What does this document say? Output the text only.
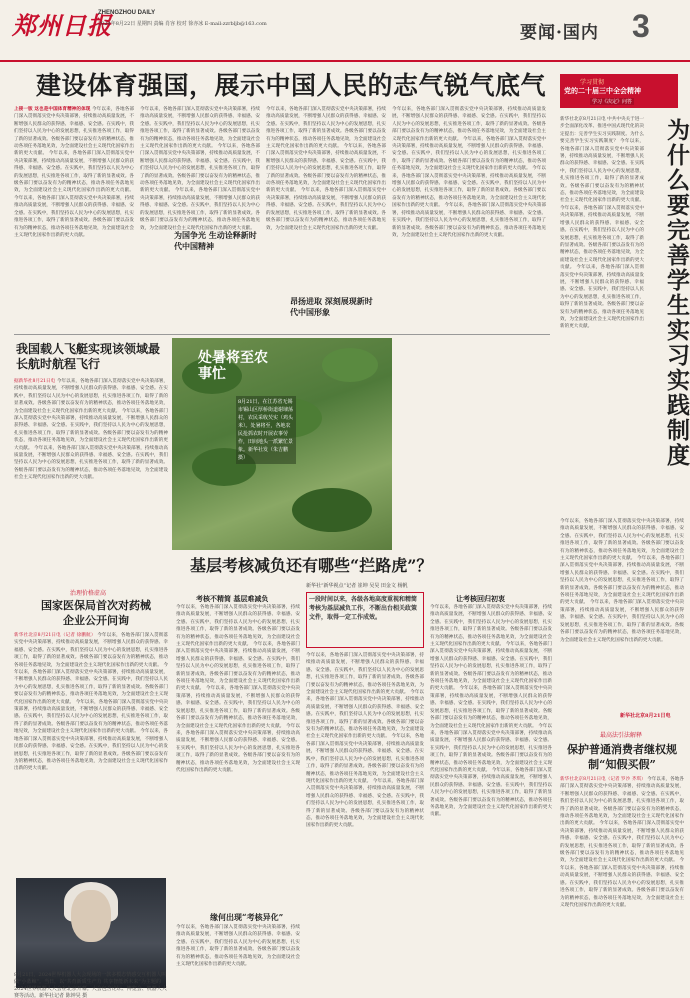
郑州日报
ZHENGZHOU DAILY
2024年8月22日 星期四 责编 肖容 校对 徐亦冰 E-mail:zzrbljb@163.com	要闻·国内 3
建设体育强国，展示中国人民的志气锐气底气	学习贯彻
党的二十届三中全会精神
学习《决定》问答
为什么要完善学生实习实践制度
新华社北京8月21日电 中共中央关于进一步全面深化改革、推进中国式现代化的决定提出：完善学生实习实践制度。为什么要完善学生实习实践制度？ 今年以来，各地各部门深入贯彻落实党中央决策部署，持续推动高质量发展，不断增强人民群众的获得感、幸福感、安全感。在实践中，我们坚持以人民为中心的发展思想，扎实推进各项工作，取得了新的显著成效。各级各部门要以奋发有为的精神状态，推动各项任务落地见效，为全面建设社会主义现代化国家作出新的更大贡献。 今年以来，各地各部门深入贯彻落实党中央决策部署，持续推动高质量发展，不断增强人民群众的获得感、幸福感、安全感。在实践中，我们坚持以人民为中心的发展思想，扎实推进各项工作，取得了新的显著成效。各级各部门要以奋发有为的精神状态，推动各项任务落地见效，为全面建设社会主义现代化国家作出新的更大贡献。 今年以来，各地各部门深入贯彻落实党中央决策部署，持续推动高质量发展，不断增强人民群众的获得感、幸福感、安全感。在实践中，我们坚持以人民为中心的发展思想，扎实推进各项工作，取得了新的显著成效。各级各部门要以奋发有为的精神状态，推动各项任务落地见效，为全面建设社会主义现代化国家作出新的更大贡献。
今年以来，各地各部门深入贯彻落实党中央决策部署，持续推动高质量发展，不断增强人民群众的获得感、幸福感、安全感。在实践中，我们坚持以人民为中心的发展思想，扎实推进各项工作，取得了新的显著成效。各级各部门要以奋发有为的精神状态，推动各项任务落地见效，为全面建设社会主义现代化国家作出新的更大贡献。 今年以来，各地各部门深入贯彻落实党中央决策部署，持续推动高质量发展，不断增强人民群众的获得感、幸福感、安全感。在实践中，我们坚持以人民为中心的发展思想，扎实推进各项工作，取得了新的显著成效。各级各部门要以奋发有为的精神状态，推动各项任务落地见效，为全面建设社会主义现代化国家作出新的更大贡献。 今年以来，各地各部门深入贯彻落实党中央决策部署，持续推动高质量发展，不断增强人民群众的获得感、幸福感、安全感。在实践中，我们坚持以人民为中心的发展思想，扎实推进各项工作，取得了新的显著成效。各级各部门要以奋发有为的精神状态，推动各项任务落地见效，为全面建设社会主义现代化国家作出新的更大贡献。
新华社北京8月21日电
上接一版 这也是中国体育精神的体现 今年以来，各地各部门深入贯彻落实党中央决策部署，持续推动高质量发展，不断增强人民群众的获得感、幸福感、安全感。在实践中，我们坚持以人民为中心的发展思想，扎实推进各项工作，取得了新的显著成效。各级各部门要以奋发有为的精神状态，推动各项任务落地见效，为全面建设社会主义现代化国家作出新的更大贡献。 今年以来，各地各部门深入贯彻落实党中央决策部署，持续推动高质量发展，不断增强人民群众的获得感、幸福感、安全感。在实践中，我们坚持以人民为中心的发展思想，扎实推进各项工作，取得了新的显著成效。各级各部门要以奋发有为的精神状态，推动各项任务落地见效，为全面建设社会主义现代化国家作出新的更大贡献。 今年以来，各地各部门深入贯彻落实党中央决策部署，持续推动高质量发展，不断增强人民群众的获得感、幸福感、安全感。在实践中，我们坚持以人民为中心的发展思想，扎实推进各项工作，取得了新的显著成效。各级各部门要以奋发有为的精神状态，推动各项任务落地见效，为全面建设社会主义现代化国家作出新的更大贡献。
今年以来，各地各部门深入贯彻落实党中央决策部署，持续推动高质量发展，不断增强人民群众的获得感、幸福感、安全感。在实践中，我们坚持以人民为中心的发展思想，扎实推进各项工作，取得了新的显著成效。各级各部门要以奋发有为的精神状态，推动各项任务落地见效，为全面建设社会主义现代化国家作出新的更大贡献。 今年以来，各地各部门深入贯彻落实党中央决策部署，持续推动高质量发展，不断增强人民群众的获得感、幸福感、安全感。在实践中，我们坚持以人民为中心的发展思想，扎实推进各项工作，取得了新的显著成效。各级各部门要以奋发有为的精神状态，推动各项任务落地见效，为全面建设社会主义现代化国家作出新的更大贡献。 今年以来，各地各部门深入贯彻落实党中央决策部署，持续推动高质量发展，不断增强人民群众的获得感、幸福感、安全感。在实践中，我们坚持以人民为中心的发展思想，扎实推进各项工作，取得了新的显著成效。各级各部门要以奋发有为的精神状态，推动各项任务落地见效，为全面建设社会主义现代化国家作出新的更大贡献。
为国争光 生动诠释新时代中国精神
今年以来，各地各部门深入贯彻落实党中央决策部署，持续推动高质量发展，不断增强人民群众的获得感、幸福感、安全感。在实践中，我们坚持以人民为中心的发展思想，扎实推进各项工作，取得了新的显著成效。各级各部门要以奋发有为的精神状态，推动各项任务落地见效，为全面建设社会主义现代化国家作出新的更大贡献。 今年以来，各地各部门深入贯彻落实党中央决策部署，持续推动高质量发展，不断增强人民群众的获得感、幸福感、安全感。在实践中，我们坚持以人民为中心的发展思想，扎实推进各项工作，取得了新的显著成效。各级各部门要以奋发有为的精神状态，推动各项任务落地见效，为全面建设社会主义现代化国家作出新的更大贡献。 今年以来，各地各部门深入贯彻落实党中央决策部署，持续推动高质量发展，不断增强人民群众的获得感、幸福感、安全感。在实践中，我们坚持以人民为中心的发展思想，扎实推进各项工作，取得了新的显著成效。各级各部门要以奋发有为的精神状态，推动各项任务落地见效，为全面建设社会主义现代化国家作出新的更大贡献。
昂扬进取 深刻展现新时代中国形象
今年以来，各地各部门深入贯彻落实党中央决策部署，持续推动高质量发展，不断增强人民群众的获得感、幸福感、安全感。在实践中，我们坚持以人民为中心的发展思想，扎实推进各项工作，取得了新的显著成效。各级各部门要以奋发有为的精神状态，推动各项任务落地见效，为全面建设社会主义现代化国家作出新的更大贡献。 今年以来，各地各部门深入贯彻落实党中央决策部署，持续推动高质量发展，不断增强人民群众的获得感、幸福感、安全感。在实践中，我们坚持以人民为中心的发展思想，扎实推进各项工作，取得了新的显著成效。各级各部门要以奋发有为的精神状态，推动各项任务落地见效，为全面建设社会主义现代化国家作出新的更大贡献。 今年以来，各地各部门深入贯彻落实党中央决策部署，持续推动高质量发展，不断增强人民群众的获得感、幸福感、安全感。在实践中，我们坚持以人民为中心的发展思想，扎实推进各项工作，取得了新的显著成效。各级各部门要以奋发有为的精神状态，推动各项任务落地见效，为全面建设社会主义现代化国家作出新的更大贡献。 今年以来，各地各部门深入贯彻落实党中央决策部署，持续推动高质量发展，不断增强人民群众的获得感、幸福感、安全感。在实践中，我们坚持以人民为中心的发展思想，扎实推进各项工作，取得了新的显著成效。各级各部门要以奋发有为的精神状态，推动各项任务落地见效，为全面建设社会主义现代化国家作出新的更大贡献。
我国载人飞艇实现该领域最长航时航程飞行
据新华社8月21日电 今年以来，各地各部门深入贯彻落实党中央决策部署，持续推动高质量发展，不断增强人民群众的获得感、幸福感、安全感。在实践中，我们坚持以人民为中心的发展思想，扎实推进各项工作，取得了新的显著成效。各级各部门要以奋发有为的精神状态，推动各项任务落地见效，为全面建设社会主义现代化国家作出新的更大贡献。 今年以来，各地各部门深入贯彻落实党中央决策部署，持续推动高质量发展，不断增强人民群众的获得感、幸福感、安全感。在实践中，我们坚持以人民为中心的发展思想，扎实推进各项工作，取得了新的显著成效。各级各部门要以奋发有为的精神状态，推动各项任务落地见效，为全面建设社会主义现代化国家作出新的更大贡献。 今年以来，各地各部门深入贯彻落实党中央决策部署，持续推动高质量发展，不断增强人民群众的获得感、幸福感、安全感。在实践中，我们坚持以人民为中心的发展思想，扎实推进各项工作，取得了新的显著成效。各级各部门要以奋发有为的精神状态，推动各项任务落地见效，为全面建设社会主义现代化国家作出新的更大贡献。
处暑将至农事忙
8月21日，在江苏省无锡市锡山区厚桥街道谢埭荡村，农民采收芡实（鸡头米）。处暑将至，各地农民抢抓农时开展农事劳作，田间地头一派繁忙景象。新华社发（朱吉鹏 摄）
治理价格虚高
国家医保局首次对药械企业公开问询
新华社北京8月21日电（记者 徐鹏航） 今年以来，各地各部门深入贯彻落实党中央决策部署，持续推动高质量发展，不断增强人民群众的获得感、幸福感、安全感。在实践中，我们坚持以人民为中心的发展思想，扎实推进各项工作，取得了新的显著成效。各级各部门要以奋发有为的精神状态，推动各项任务落地见效，为全面建设社会主义现代化国家作出新的更大贡献。 今年以来，各地各部门深入贯彻落实党中央决策部署，持续推动高质量发展，不断增强人民群众的获得感、幸福感、安全感。在实践中，我们坚持以人民为中心的发展思想，扎实推进各项工作，取得了新的显著成效。各级各部门要以奋发有为的精神状态，推动各项任务落地见效，为全面建设社会主义现代化国家作出新的更大贡献。 今年以来，各地各部门深入贯彻落实党中央决策部署，持续推动高质量发展，不断增强人民群众的获得感、幸福感、安全感。在实践中，我们坚持以人民为中心的发展思想，扎实推进各项工作，取得了新的显著成效。各级各部门要以奋发有为的精神状态，推动各项任务落地见效，为全面建设社会主义现代化国家作出新的更大贡献。 今年以来，各地各部门深入贯彻落实党中央决策部署，持续推动高质量发展，不断增强人民群众的获得感、幸福感、安全感。在实践中，我们坚持以人民为中心的发展思想，扎实推进各项工作，取得了新的显著成效。各级各部门要以奋发有为的精神状态，推动各项任务落地见效，为全面建设社会主义现代化国家作出新的更大贡献。
8月21日，2024世界机器人大会现场的一款多模态情感交互机器人叫做“小蓝鲸”。当日，以“共育新质生产力 共享智能新未来”为主题的2024世界机器人大会在北京开幕。大会包含论坛、博览会、机器人大赛等活动。新华社记者 陈钟昊 摄
基层考核减负还有哪些“拦路虎”？
新华社“新华视点”记者 崔坤 吴昊 田金文 杨帆
考核不精简 基层难减负
今年以来，各地各部门深入贯彻落实党中央决策部署，持续推动高质量发展，不断增强人民群众的获得感、幸福感、安全感。在实践中，我们坚持以人民为中心的发展思想，扎实推进各项工作，取得了新的显著成效。各级各部门要以奋发有为的精神状态，推动各项任务落地见效，为全面建设社会主义现代化国家作出新的更大贡献。 今年以来，各地各部门深入贯彻落实党中央决策部署，持续推动高质量发展，不断增强人民群众的获得感、幸福感、安全感。在实践中，我们坚持以人民为中心的发展思想，扎实推进各项工作，取得了新的显著成效。各级各部门要以奋发有为的精神状态，推动各项任务落地见效，为全面建设社会主义现代化国家作出新的更大贡献。 今年以来，各地各部门深入贯彻落实党中央决策部署，持续推动高质量发展，不断增强人民群众的获得感、幸福感、安全感。在实践中，我们坚持以人民为中心的发展思想，扎实推进各项工作，取得了新的显著成效。各级各部门要以奋发有为的精神状态，推动各项任务落地见效，为全面建设社会主义现代化国家作出新的更大贡献。 今年以来，各地各部门深入贯彻落实党中央决策部署，持续推动高质量发展，不断增强人民群众的获得感、幸福感、安全感。在实践中，我们坚持以人民为中心的发展思想，扎实推进各项工作，取得了新的显著成效。各级各部门要以奋发有为的精神状态，推动各项任务落地见效，为全面建设社会主义现代化国家作出新的更大贡献。
缘何出现“考核异化”
今年以来，各地各部门深入贯彻落实党中央决策部署，持续推动高质量发展，不断增强人民群众的获得感、幸福感、安全感。在实践中，我们坚持以人民为中心的发展思想，扎实推进各项工作，取得了新的显著成效。各级各部门要以奋发有为的精神状态，推动各项任务落地见效，为全面建设社会主义现代化国家作出新的更大贡献。
一段时间以来，各级各地高度重视和精简考核为基层减负工作，不断出台相关政策文件，取得一定工作成效。
今年以来，各地各部门深入贯彻落实党中央决策部署，持续推动高质量发展，不断增强人民群众的获得感、幸福感、安全感。在实践中，我们坚持以人民为中心的发展思想，扎实推进各项工作，取得了新的显著成效。各级各部门要以奋发有为的精神状态，推动各项任务落地见效，为全面建设社会主义现代化国家作出新的更大贡献。 今年以来，各地各部门深入贯彻落实党中央决策部署，持续推动高质量发展，不断增强人民群众的获得感、幸福感、安全感。在实践中，我们坚持以人民为中心的发展思想，扎实推进各项工作，取得了新的显著成效。各级各部门要以奋发有为的精神状态，推动各项任务落地见效，为全面建设社会主义现代化国家作出新的更大贡献。 今年以来，各地各部门深入贯彻落实党中央决策部署，持续推动高质量发展，不断增强人民群众的获得感、幸福感、安全感。在实践中，我们坚持以人民为中心的发展思想，扎实推进各项工作，取得了新的显著成效。各级各部门要以奋发有为的精神状态，推动各项任务落地见效，为全面建设社会主义现代化国家作出新的更大贡献。 今年以来，各地各部门深入贯彻落实党中央决策部署，持续推动高质量发展，不断增强人民群众的获得感、幸福感、安全感。在实践中，我们坚持以人民为中心的发展思想，扎实推进各项工作，取得了新的显著成效。各级各部门要以奋发有为的精神状态，推动各项任务落地见效，为全面建设社会主义现代化国家作出新的更大贡献。
让考核回归初衷
今年以来，各地各部门深入贯彻落实党中央决策部署，持续推动高质量发展，不断增强人民群众的获得感、幸福感、安全感。在实践中，我们坚持以人民为中心的发展思想，扎实推进各项工作，取得了新的显著成效。各级各部门要以奋发有为的精神状态，推动各项任务落地见效，为全面建设社会主义现代化国家作出新的更大贡献。 今年以来，各地各部门深入贯彻落实党中央决策部署，持续推动高质量发展，不断增强人民群众的获得感、幸福感、安全感。在实践中，我们坚持以人民为中心的发展思想，扎实推进各项工作，取得了新的显著成效。各级各部门要以奋发有为的精神状态，推动各项任务落地见效，为全面建设社会主义现代化国家作出新的更大贡献。 今年以来，各地各部门深入贯彻落实党中央决策部署，持续推动高质量发展，不断增强人民群众的获得感、幸福感、安全感。在实践中，我们坚持以人民为中心的发展思想，扎实推进各项工作，取得了新的显著成效。各级各部门要以奋发有为的精神状态，推动各项任务落地见效，为全面建设社会主义现代化国家作出新的更大贡献。 今年以来，各地各部门深入贯彻落实党中央决策部署，持续推动高质量发展，不断增强人民群众的获得感、幸福感、安全感。在实践中，我们坚持以人民为中心的发展思想，扎实推进各项工作，取得了新的显著成效。各级各部门要以奋发有为的精神状态，推动各项任务落地见效，为全面建设社会主义现代化国家作出新的更大贡献。 今年以来，各地各部门深入贯彻落实党中央决策部署，持续推动高质量发展，不断增强人民群众的获得感、幸福感、安全感。在实践中，我们坚持以人民为中心的发展思想，扎实推进各项工作，取得了新的显著成效。各级各部门要以奋发有为的精神状态，推动各项任务落地见效，为全面建设社会主义现代化国家作出新的更大贡献。
最高法引法解释
保护普通消费者继权规制“知假买假”
新华社北京8月21日电（记者 罗沙 齐琪） 今年以来，各地各部门深入贯彻落实党中央决策部署，持续推动高质量发展，不断增强人民群众的获得感、幸福感、安全感。在实践中，我们坚持以人民为中心的发展思想，扎实推进各项工作，取得了新的显著成效。各级各部门要以奋发有为的精神状态，推动各项任务落地见效，为全面建设社会主义现代化国家作出新的更大贡献。 今年以来，各地各部门深入贯彻落实党中央决策部署，持续推动高质量发展，不断增强人民群众的获得感、幸福感、安全感。在实践中，我们坚持以人民为中心的发展思想，扎实推进各项工作，取得了新的显著成效。各级各部门要以奋发有为的精神状态，推动各项任务落地见效，为全面建设社会主义现代化国家作出新的更大贡献。 今年以来，各地各部门深入贯彻落实党中央决策部署，持续推动高质量发展，不断增强人民群众的获得感、幸福感、安全感。在实践中，我们坚持以人民为中心的发展思想，扎实推进各项工作，取得了新的显著成效。各级各部门要以奋发有为的精神状态，推动各项任务落地见效，为全面建设社会主义现代化国家作出新的更大贡献。
